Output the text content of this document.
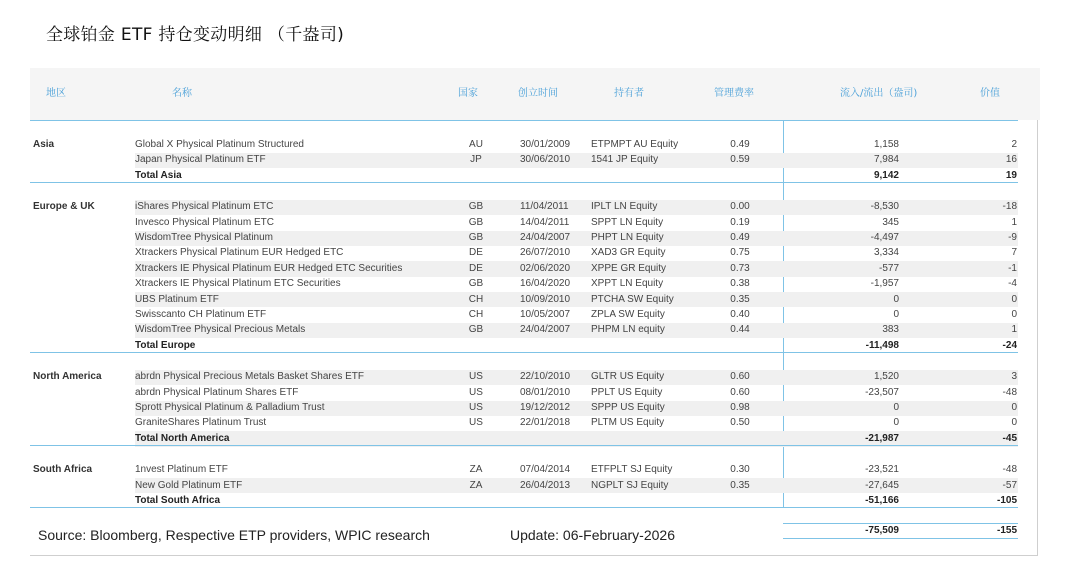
全球铂金 ETF 持仓变动明细 （千盎司)
地区	名称	国家	创立时间	持有者	管理费率	流入/流出（盎司)	价值
Asia	Global X Physical Platinum Structured	AU	30/01/2009 ETPMPT AU Equity	0.49	1,158	2
Japan Physical Platinum ETF	JP	30/06/2010 1541 JP Equity	0.59	7,984	16
Total Asia	9,142	19
Europe & UK	iShares Physical Platinum ETC	GB	11/04/2011 IPLT LN Equity	0.00	-8,530	-18
Invesco Physical Platinum ETC	GB	14/04/2011 SPPT LN Equity	0.19	345	1
WisdomTree Physical Platinum	GB	24/04/2007 PHPT LN Equity	0.49	-4,497	-9
Xtrackers Physical Platinum EUR Hedged ETC	DE	26/07/2010 XAD3 GR Equity	0.75	3,334	7
Xtrackers IE Physical Platinum EUR Hedged ETC Securities	DE	02/06/2020 XPPE GR Equity	0.73	-577	-1
Xtrackers IE Physical Platinum ETC Securities	GB	16/04/2020 XPPT LN Equity	0.38	-1,957	-4
UBS Platinum ETF	CH	10/09/2010 PTCHA SW Equity	0.35	0	0
Swisscanto CH Platinum ETF	CH	10/05/2007 ZPLA SW Equity	0.40	0	0
WisdomTree Physical Precious Metals	GB	24/04/2007 PHPM LN equity	0.44	383	1
Total Europe	-11,498	-24
North America	abrdn Physical Precious Metals Basket Shares ETF	US	22/10/2010 GLTR US Equity	0.60	1,520	3
abrdn Physical Platinum Shares ETF	US	08/01/2010 PPLT US Equity	0.60	-23,507	-48
Sprott Physical Platinum & Palladium Trust	US	19/12/2012 SPPP US Equity	0.98	0	0
GraniteShares Platinum Trust	US	22/01/2018 PLTM US Equity	0.50	0	0
Total North America	-21,987	-45
South Africa	1nvest Platinum ETF	ZA	07/04/2014 ETFPLT SJ Equity	0.30	-23,521	-48
New Gold Platinum ETF	ZA	26/04/2013 NGPLT SJ Equity	0.35	-27,645	-57
Total South Africa	-51,166	-105
-75,509	-155
Source: Bloomberg, Respective ETP providers, WPIC research	Update: 06-February-2026
